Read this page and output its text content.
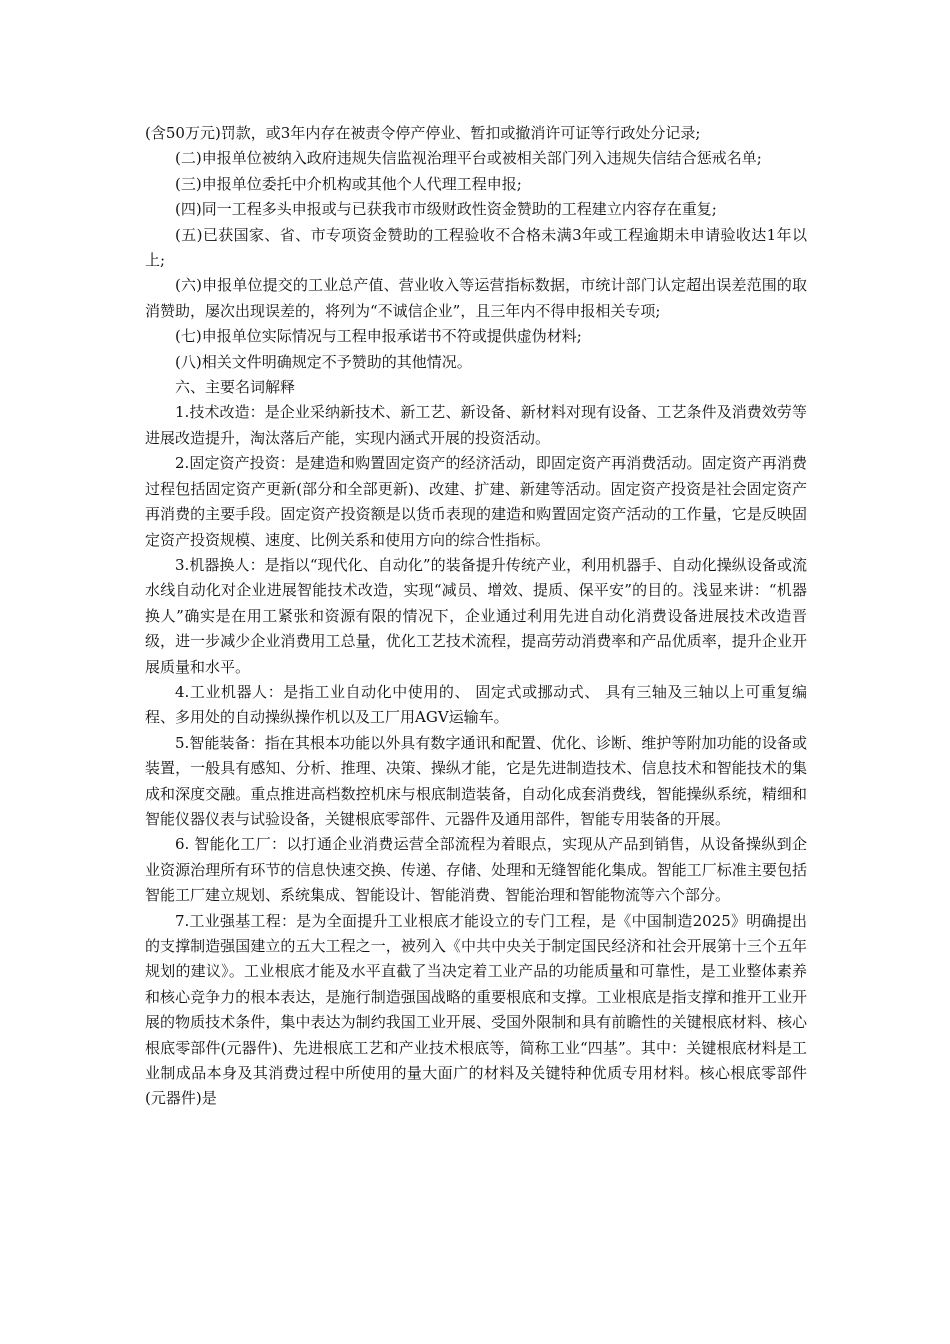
(含50万元)罚款，或3年内存在被责令停产停业、暂扣或撤消许可证等行政处分记录;

(二)申报单位被纳入政府违规失信监视治理平台或被相关部门列入违规失信结合惩戒名单;

(三)申报单位委托中介机构或其他个人代理工程申报;

(四)同一工程多头申报或与已获我市市级财政性资金赞助的工程建立内容存在重复;

(五)已获国家、省、市专项资金赞助的工程验收不合格未满3年或工程逾期未申请验收达1年以上;

(六)申报单位提交的工业总产值、营业收入等运营指标数据，市统计部门认定超出误差范围的取消赞助，屡次出现误差的，将列为“不诚信企业”，且三年内不得申报相关专项;

(七)申报单位实际情况与工程申报承诺书不符或提供虚伪材料;

(八)相关文件明确规定不予赞助的其他情况。

六、主要名词解释

1.技术改造：是企业采纳新技术、新工艺、新设备、新材料对现有设备、工艺条件及消费效劳等进展改造提升，淘汰落后产能，实现内涵式开展的投资活动。

2.固定资产投资：是建造和购置固定资产的经济活动，即固定资产再消费活动。固定资产再消费过程包括固定资产更新(部分和全部更新)、改建、扩建、新建等活动。固定资产投资是社会固定资产再消费的主要手段。固定资产投资额是以货币表现的建造和购置固定资产活动的工作量，它是反映固定资产投资规模、速度、比例关系和使用方向的综合性指标。

3.机器换人：是指以“现代化、自动化”的装备提升传统产业，利用机器手、自动化操纵设备或流水线自动化对企业进展智能技术改造，实现“减员、增效、提质、保平安”的目的。浅显来讲：“机器换人”确实是在用工紧张和资源有限的情况下，企业通过利用先进自动化消费设备进展技术改造晋级，进一步减少企业消费用工总量，优化工艺技术流程，提高劳动消费率和产品优质率，提升企业开展质量和水平。

4.工业机器人：是指工业自动化中使用的、 固定式或挪动式、 具有三轴及三轴以上可重复编程、多用处的自动操纵操作机以及工厂用AGV运输车。

5.智能装备：指在其根本功能以外具有数字通讯和配置、优化、诊断、维护等附加功能的设备或装置，一般具有感知、分析、推理、决策、操纵才能，它是先进制造技术、信息技术和智能技术的集成和深度交融。重点推进高档数控机床与根底制造装备，自动化成套消费线，智能操纵系统，精细和智能仪器仪表与试验设备，关键根底零部件、元器件及通用部件，智能专用装备的开展。

6. 智能化工厂：以打通企业消费运营全部流程为着眼点，实现从产品到销售，从设备操纵到企业资源治理所有环节的信息快速交换、传递、存储、处理和无缝智能化集成。智能工厂标准主要包括智能工厂建立规划、系统集成、智能设计、智能消费、智能治理和智能物流等六个部分。

7.工业强基工程：是为全面提升工业根底才能设立的专门工程，是《中国制造2025》明确提出的支撑制造强国建立的五大工程之一，被列入《中共中央关于制定国民经济和社会开展第十三个五年规划的建议》。工业根底才能及水平直截了当决定着工业产品的功能质量和可靠性，是工业整体素养和核心竞争力的根本表达，是施行制造强国战略的重要根底和支撑。工业根底是指支撑和推开工业开展的物质技术条件，集中表达为制约我国工业开展、受国外限制和具有前瞻性的关键根底材料、核心根底零部件(元器件)、先进根底工艺和产业技术根底等，简称工业“四基”。其中：关键根底材料是工业制成品本身及其消费过程中所使用的量大面广的材料及关键特种优质专用材料。核心根底零部件(元器件)是
